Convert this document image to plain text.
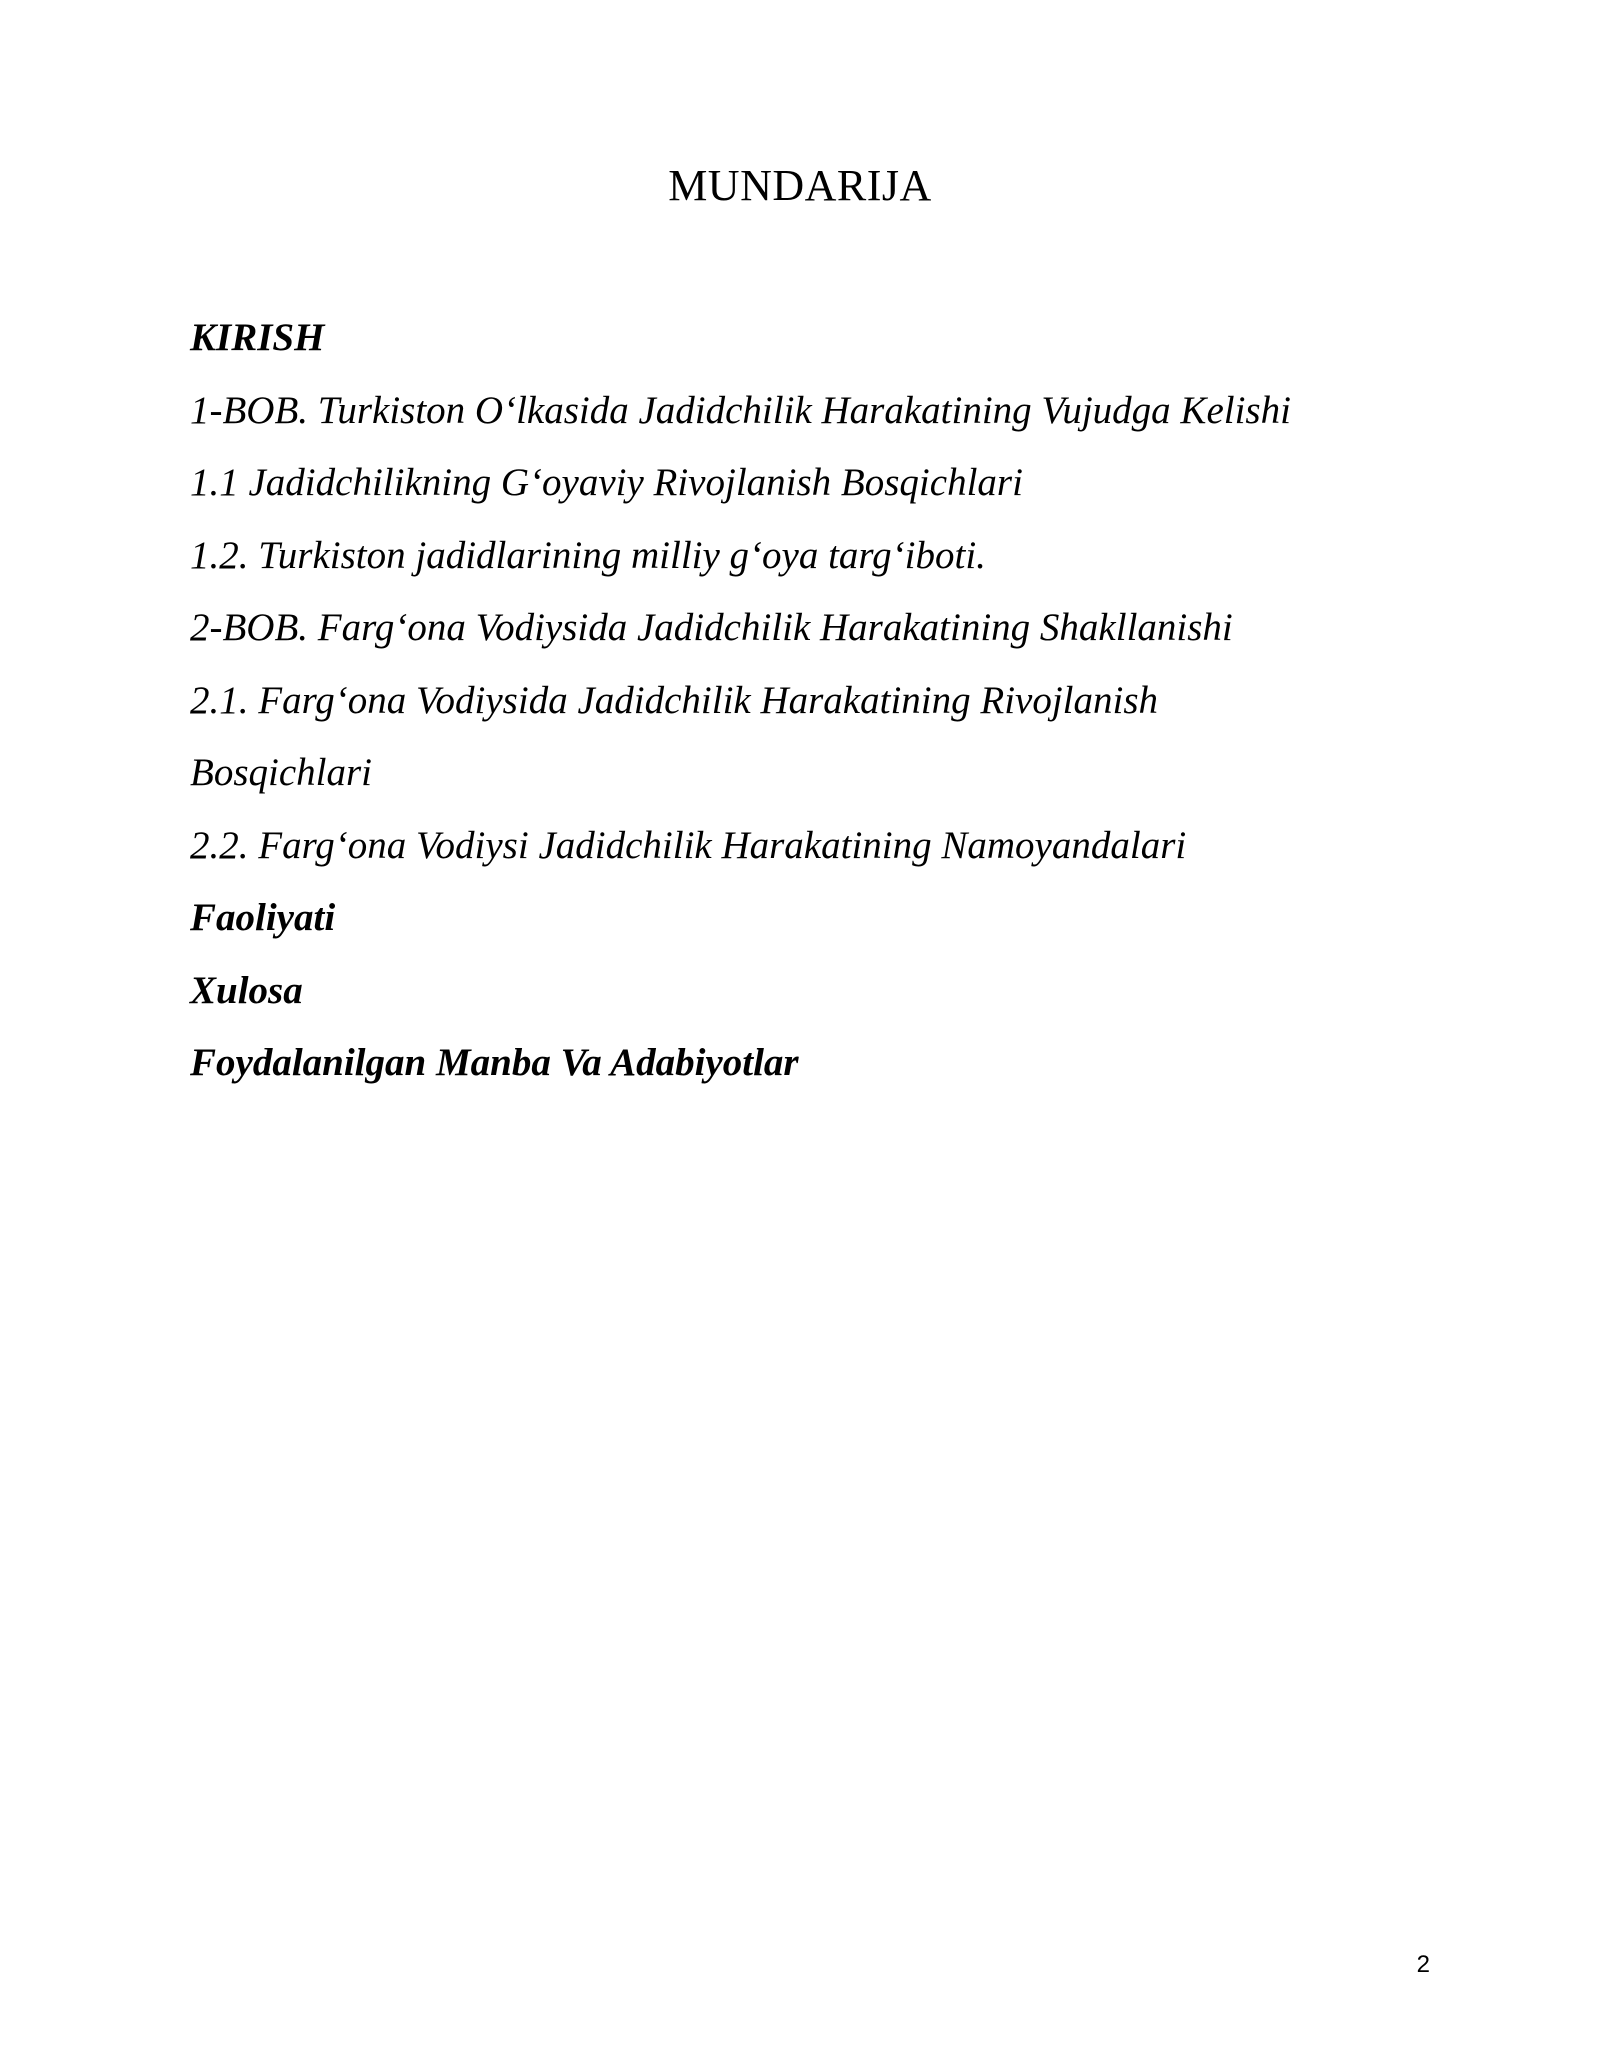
MUNDARIJA
KIRISH
1-BOB. Turkiston O‘lkasida Jadidchilik Harakatining Vujudga Kelishi
1.1 Jadidchilikning G‘oyaviy Rivojlanish Bosqichlari
1.2. Turkiston jadidlarining milliy g‘oya targ‘iboti.
2-BOB. Farg‘ona Vodiysida Jadidchilik Harakatining Shakllanishi
2.1. Farg‘ona Vodiysida Jadidchilik Harakatining Rivojlanish
Bosqichlari
2.2. Farg‘ona Vodiysi Jadidchilik Harakatining Namoyandalari
Faoliyati
Xulosa
Foydalanilgan Manba Va Adabiyotlar
2
